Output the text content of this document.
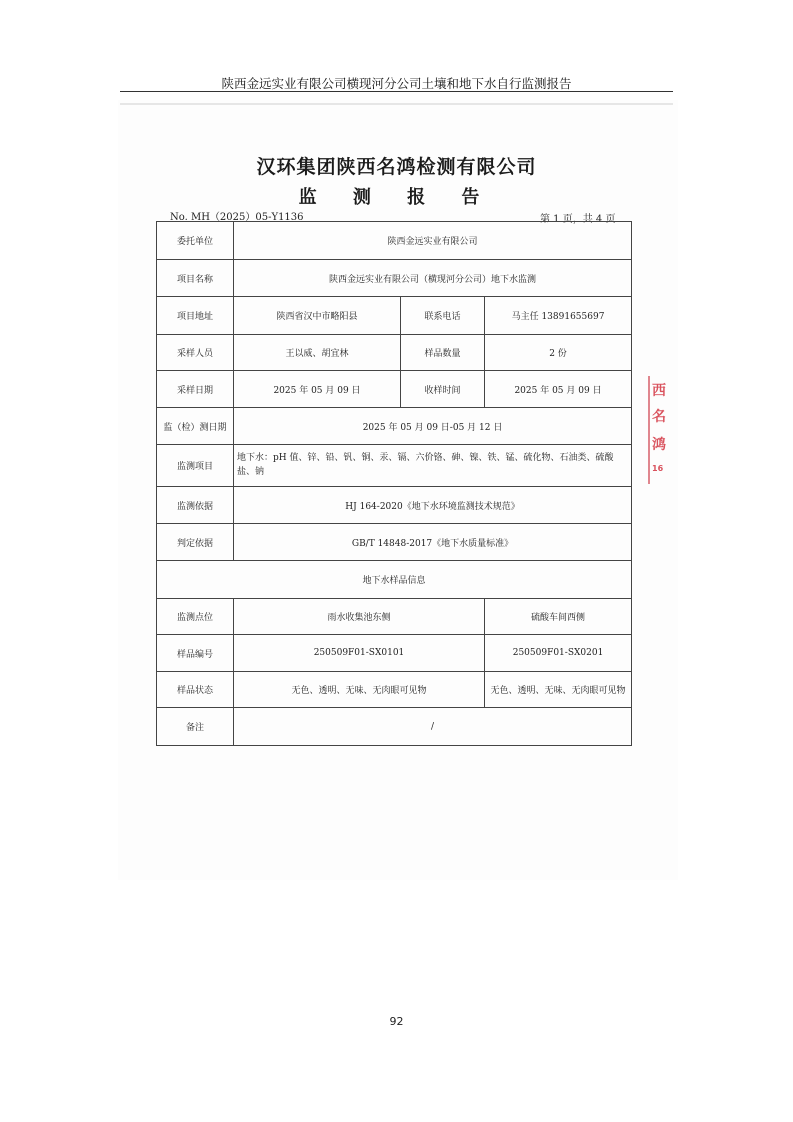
陕西金远实业有限公司横现河分公司土壤和地下水自行监测报告
汉环集团陕西名鸿检测有限公司
监 测 报 告
No. MH（2025）05-Y1136	第 1 页，共 4 页
委托单位	陕西金远实业有限公司		
项目名称	陕西金远实业有限公司（横现河分公司）地下水监测		
项目地址	陕西省汉中市略阳县	联系电话	马主任 13891655697
采样人员	王以威、胡宜林	样品数量	2 份
采样日期	2025 年 05 月 09 日	收样时间	2025 年 05 月 09 日
监（检）测日期	2025 年 05 月 09 日-05 月 12 日		
监测项目	地下水：pH 值、锌、铅、钒、铜、汞、镉、六价铬、砷、镍、铁、锰、硫化物、石油类、硫酸盐、钠		
监测依据	HJ 164-2020《地下水环境监测技术规范》		
判定依据	GB/T 14848-2017《地下水质量标准》		
地下水样品信息			
监测点位	雨水收集池东侧		硫酸车间西侧
样品编号	250509F01-SX0101		250509F01-SX0201
样品状态	无色、透明、无味、无肉眼可见物		无色、透明、无味、无肉眼可见物
备注	/		
西
名
鸿
16
92
